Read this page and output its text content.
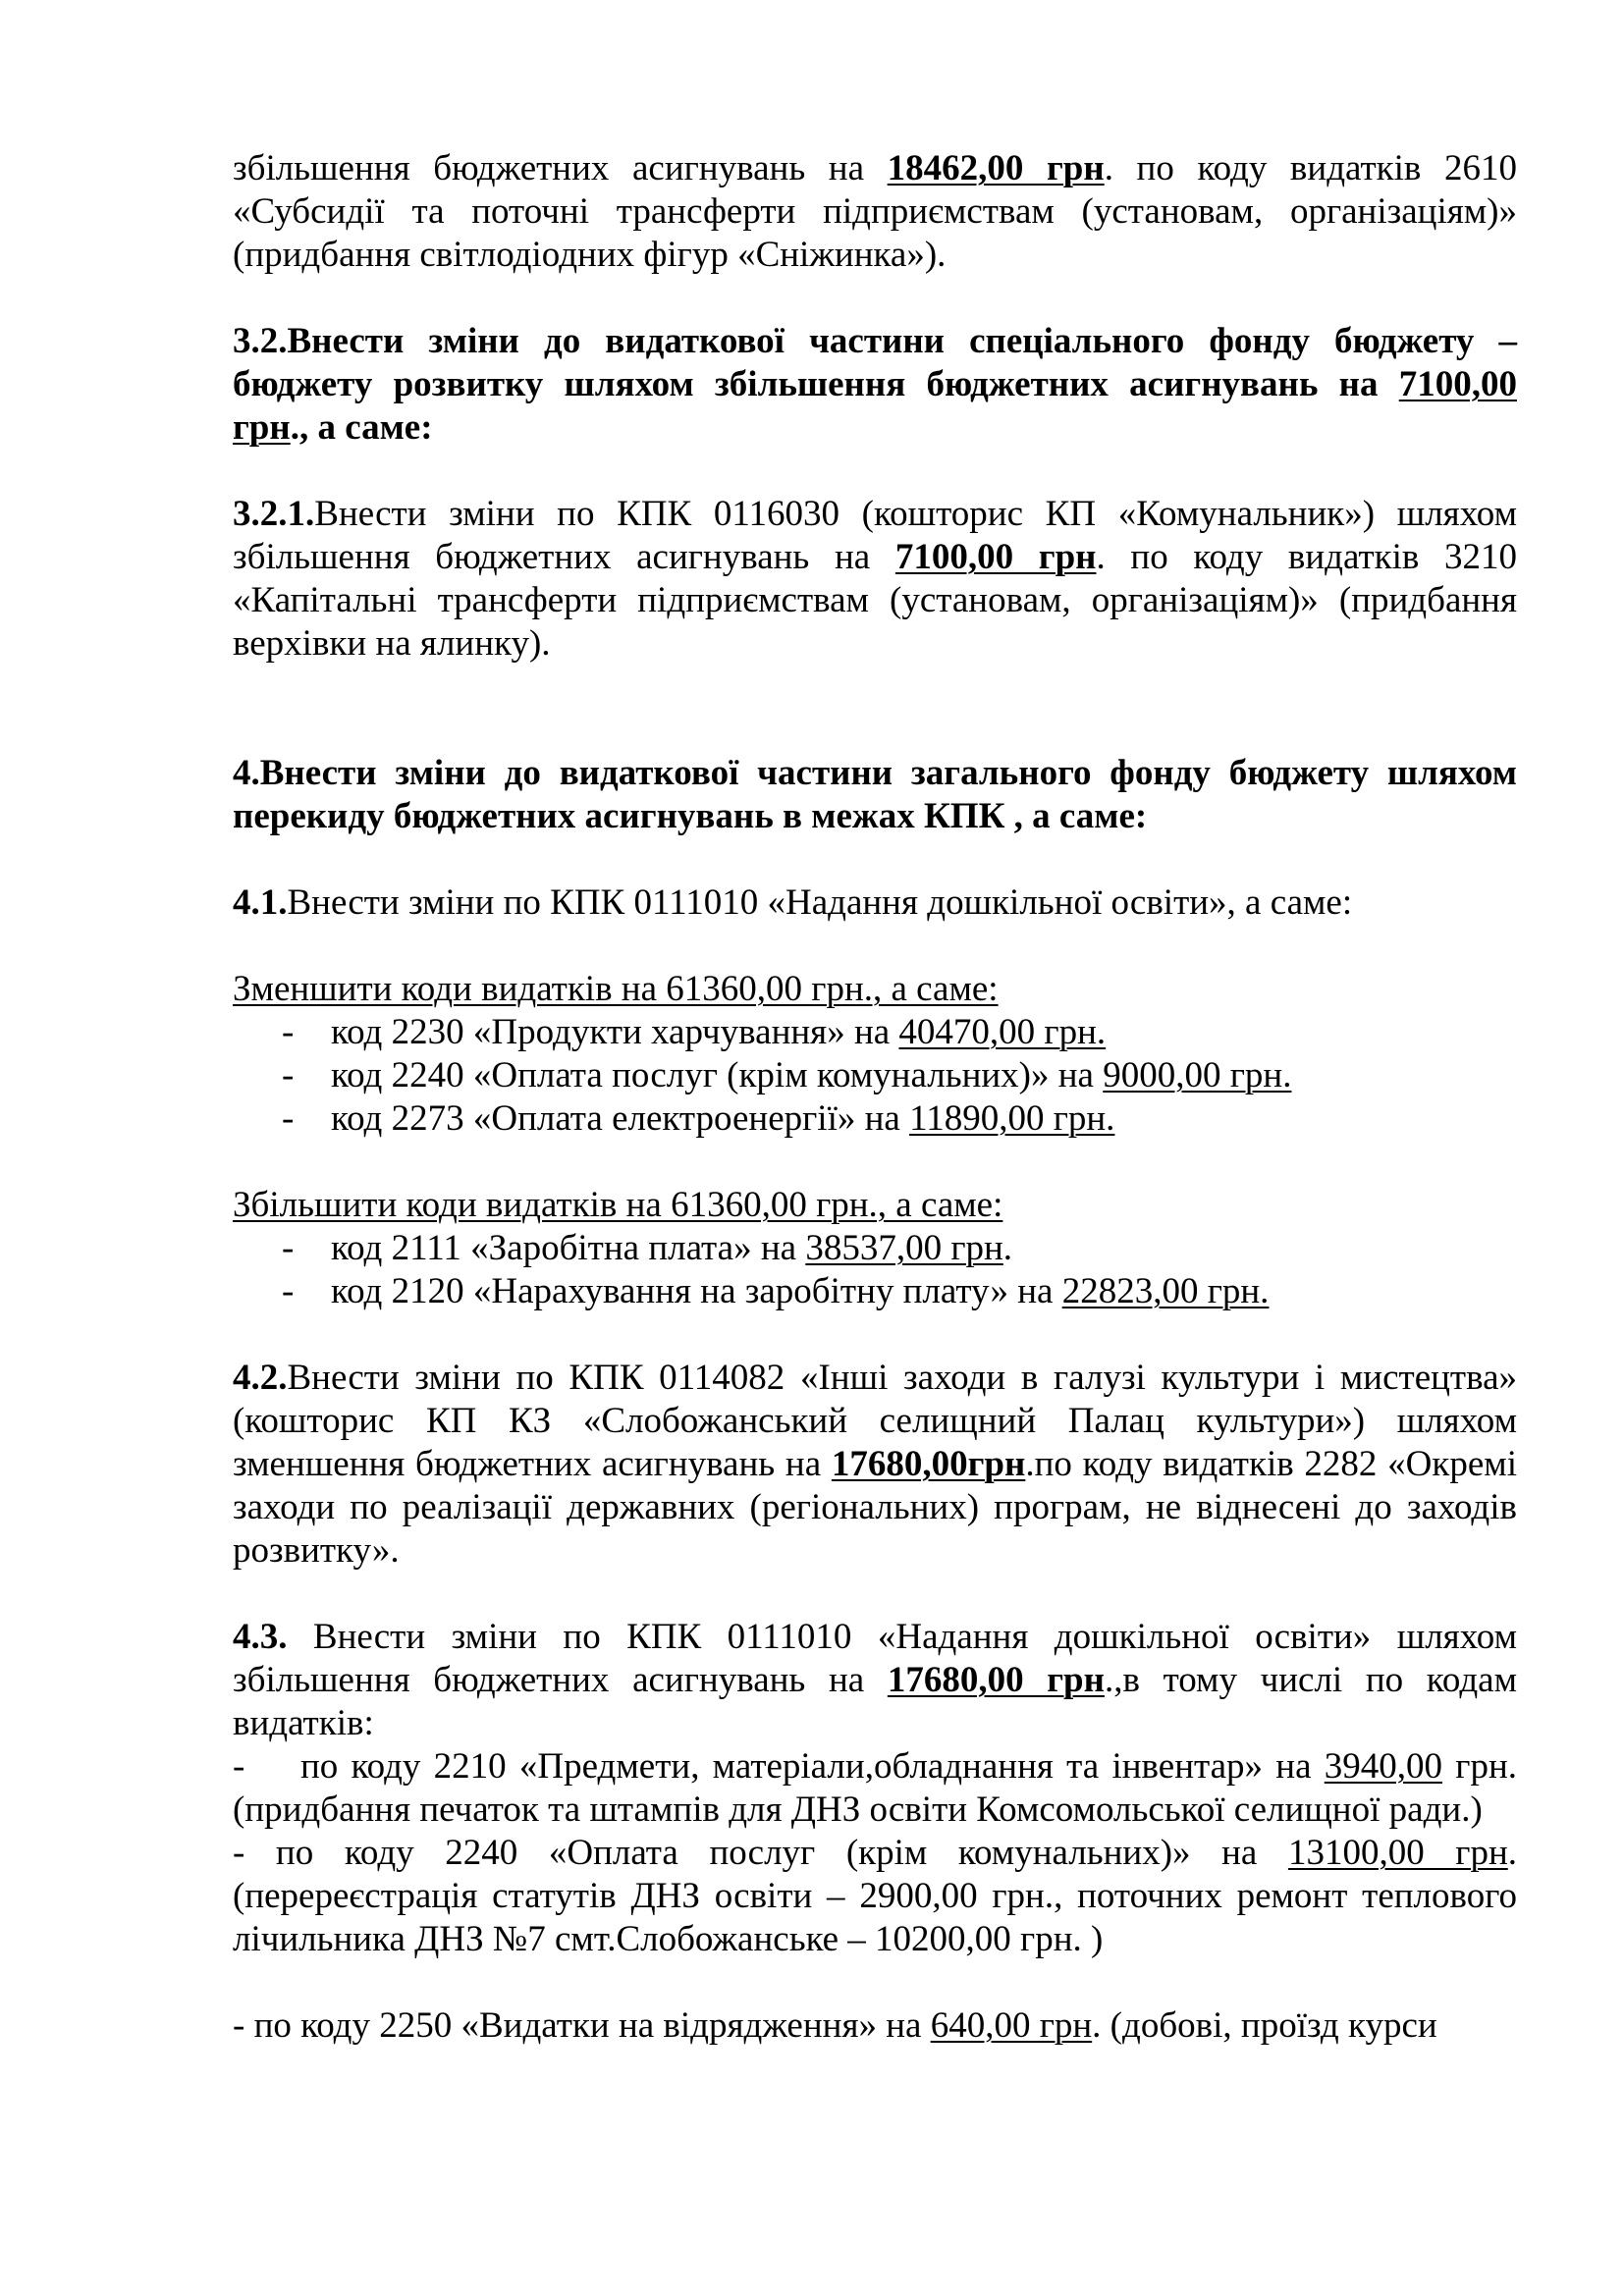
збільшення бюджетних асигнувань на 18462,00 грн. по коду видатків 2610 «Субсидії та поточні трансферти підприємствам (установам, організаціям)» (придбання світлодіодних фігур «Сніжинка»).

3.2.Внести зміни до видаткової частини спеціального фонду бюджету – бюджету розвитку шляхом збільшення бюджетних асигнувань на 7100,00 грн., а саме:

3.2.1.Внести зміни по КПК 0116030 (кошторис КП «Комунальник») шляхом збільшення бюджетних асигнувань на 7100,00 грн. по коду видатків 3210 «Капітальні трансферти підприємствам (установам, організаціям)» (придбання верхівки на ялинку).

4.Внести зміни до видаткової частини загального фонду бюджету шляхом перекиду бюджетних асигнувань в межах КПК , а саме:

4.1.Внести зміни по КПК 0111010 «Надання дошкільної освіти», а саме:

Зменшити коди видатків на 61360,00 грн., а саме:

- код 2230 «Продукти харчування» на 40470,00 грн.

- код 2240 «Оплата послуг (крім комунальних)» на 9000,00 грн.

- код 2273 «Оплата електроенергії» на 11890,00 грн.

Збільшити коди видатків на 61360,00 грн., а саме:

- код 2111 «Заробітна плата» на 38537,00 грн.

- код 2120 «Нарахування на заробітну плату» на 22823,00 грн.

4.2.Внести зміни по КПК 0114082 «Інші заходи в галузі культури і мистецтва» (кошторис КП КЗ «Слобожанський селищний Палац культури») шляхом зменшення бюджетних асигнувань на 17680,00грн.по коду видатків 2282 «Окремі заходи по реалізації державних (регіональних) програм, не віднесені до заходів розвитку».

4.3. Внести зміни по КПК 0111010 «Надання дошкільної освіти» шляхом збільшення бюджетних асигнувань на 17680,00 грн.,в тому числі по кодам видатків:

- по коду 2210 «Предмети, матеріали,обладнання та інвентар» на 3940,00 грн.(придбання печаток та штампів для ДНЗ освіти Комсомольської селищної ради.)

- по коду 2240 «Оплата послуг (крім комунальних)» на 13100,00 грн. (перереєстрація статутів ДНЗ освіти – 2900,00 грн., поточних ремонт теплового лічильника ДНЗ №7 смт.Слобожанське – 10200,00 грн. )

- по коду 2250 «Видатки на відрядження» на 640,00 грн. (добові, проїзд курси
